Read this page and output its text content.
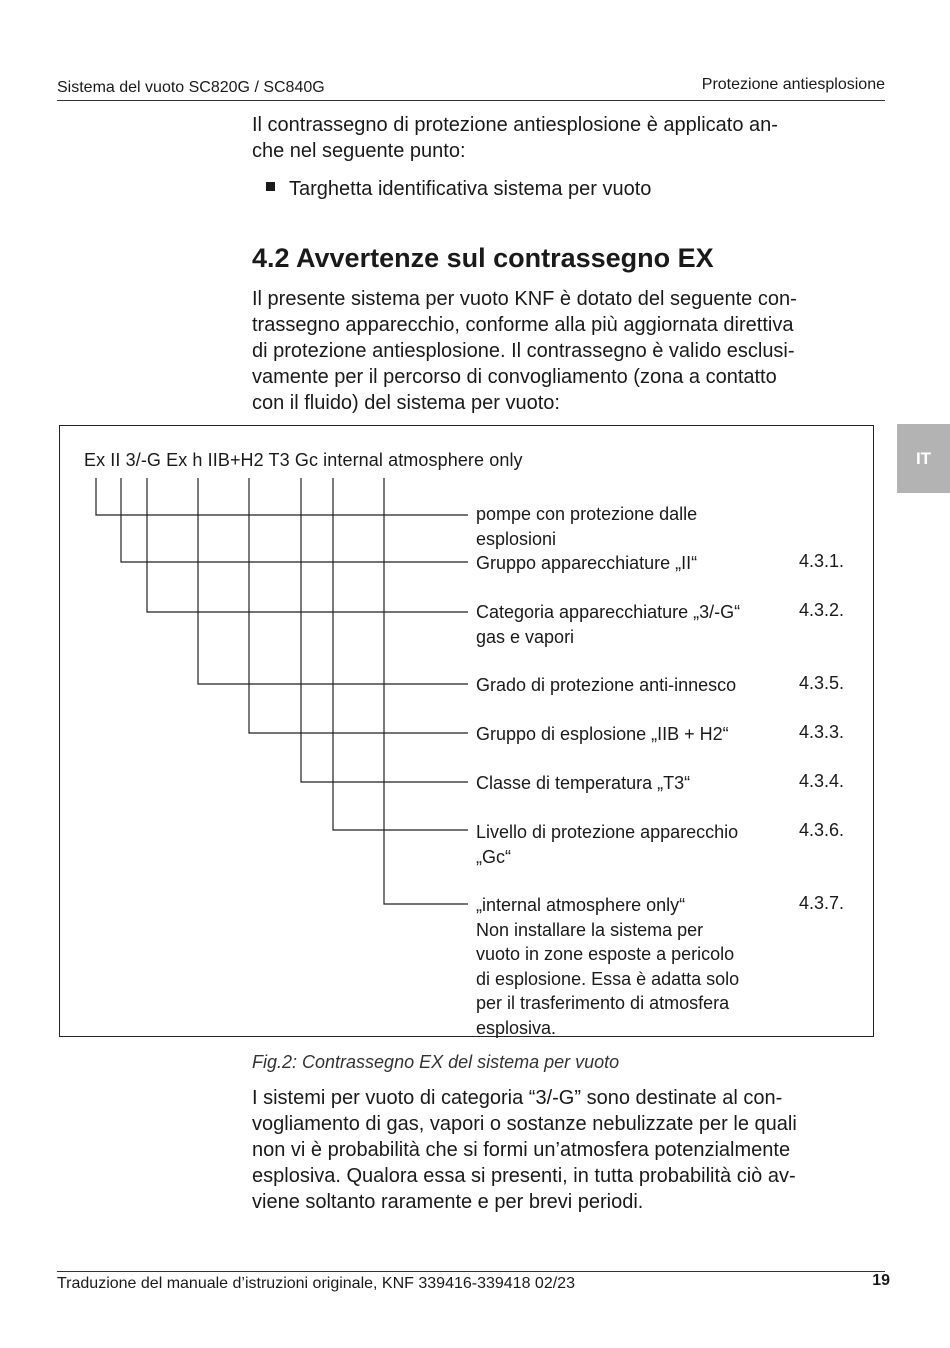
Sistema del vuoto SC820G / SC840G	Protezione antiesplosione
IT
Il contrassegno di protezione antiesplosione è applicato an-
che nel seguente punto:
Targhetta identificativa sistema per vuoto
4.2 Avvertenze sul contrassegno EX
Il presente sistema per vuoto KNF è dotato del seguente con-
trassegno apparecchio, conforme alla più aggiornata direttiva
di protezione antiesplosione. Il contrassegno è valido esclusi-
vamente per il percorso di convogliamento (zona a contatto
con il fluido) del sistema per vuoto:
Ex II 3/-G Ex h IIB+H2 T3 Gc internal atmosphere only
pompe con protezione dalle
esplosioni
Gruppo apparecchiature „II“	4.3.1.
Categoria apparecchiature „3/-G“
gas e vapori
4.3.2.
Grado di protezione anti-innesco	4.3.5.
Gruppo di esplosione „IIB + H2“	4.3.3.
Classe di temperatura „T3“	4.3.4.
Livello di protezione apparecchio
„Gc“
4.3.6.
„internal atmosphere only“
Non installare la sistema per
vuoto in zone esposte a pericolo
di esplosione. Essa è adatta solo
per il trasferimento di atmosfera
esplosiva.
4.3.7.
Fig.2: Contrassegno EX del sistema per vuoto
I sistemi per vuoto di categoria “3/-G” sono destinate al con-
vogliamento di gas, vapori o sostanze nebulizzate per le quali
non vi è probabilità che si formi un’atmosfera potenzialmente
esplosiva. Qualora essa si presenti, in tutta probabilità ciò av-
viene soltanto raramente e per brevi periodi.
Traduzione del manuale d’istruzioni originale, KNF 339416-339418 02/23	19
